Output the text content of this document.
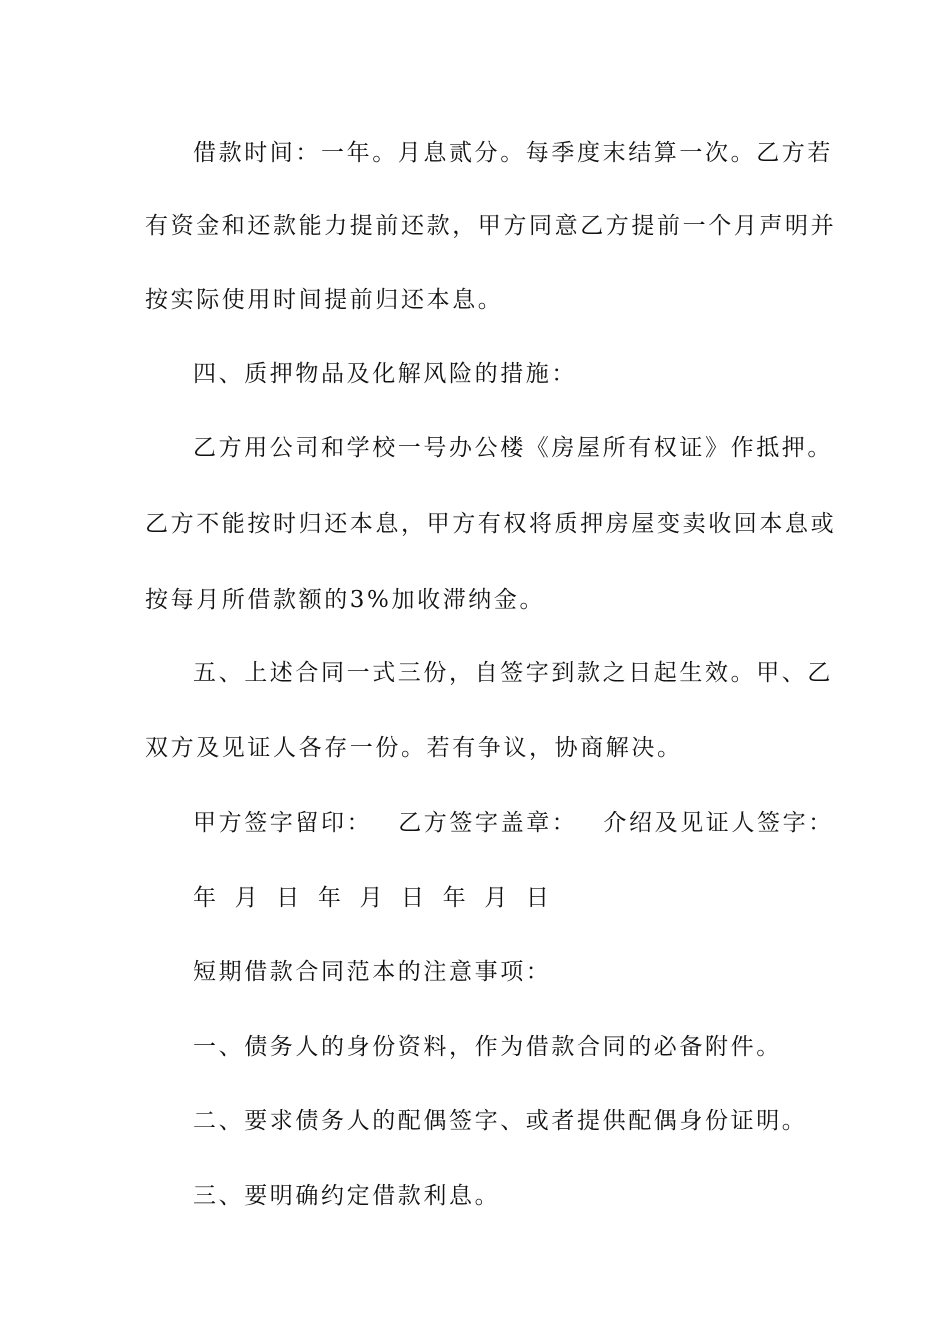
借款时间：一年。月息贰分。每季度末结算一次。乙方若
有资金和还款能力提前还款，甲方同意乙方提前一个月声明并
按实际使用时间提前归还本息。
四、质押物品及化解风险的措施：
乙方用公司和学校一号办公楼《房屋所有权证》作抵押。
乙方不能按时归还本息，甲方有权将质押房屋变卖收回本息或
按每月所借款额的3%加收滞纳金。
五、上述合同一式三份，自签字到款之日起生效。甲、乙
双方及见证人各存一份。若有争议，协商解决。
甲方签字留印： 乙方签字盖章： 介绍及见证人签字：
年 月 日 年 月 日 年 月 日
短期借款合同范本的注意事项：
一、债务人的身份资料，作为借款合同的必备附件。
二、要求债务人的配偶签字、或者提供配偶身份证明。
三、要明确约定借款利息。
